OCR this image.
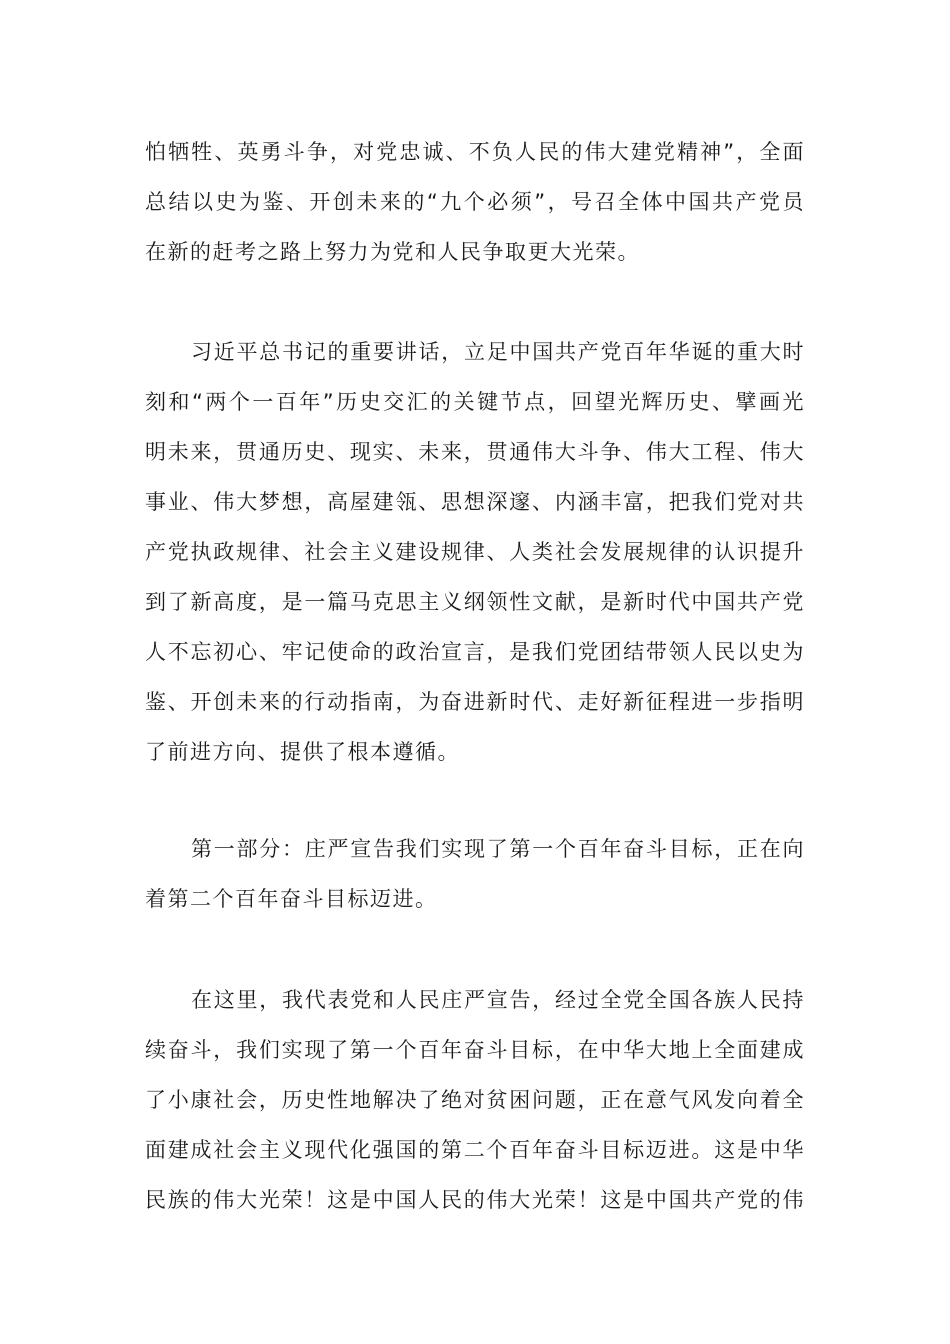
怕牺牲、英勇斗争，对党忠诚、不负人民的伟大建党精神”，全面
总结以史为鉴、开创未来的“九个必须”，号召全体中国共产党员
在新的赶考之路上努力为党和人民争取更大光荣。
习近平总书记的重要讲话，立足中国共产党百年华诞的重大时
刻和“两个一百年”历史交汇的关键节点，回望光辉历史、擘画光
明未来，贯通历史、现实、未来，贯通伟大斗争、伟大工程、伟大
事业、伟大梦想，高屋建瓴、思想深邃、内涵丰富，把我们党对共
产党执政规律、社会主义建设规律、人类社会发展规律的认识提升
到了新高度，是一篇马克思主义纲领性文献，是新时代中国共产党
人不忘初心、牢记使命的政治宣言，是我们党团结带领人民以史为
鉴、开创未来的行动指南，为奋进新时代、走好新征程进一步指明
了前进方向、提供了根本遵循。
第一部分：庄严宣告我们实现了第一个百年奋斗目标，正在向
着第二个百年奋斗目标迈进。
在这里，我代表党和人民庄严宣告，经过全党全国各族人民持
续奋斗，我们实现了第一个百年奋斗目标，在中华大地上全面建成
了小康社会，历史性地解决了绝对贫困问题，正在意气风发向着全
面建成社会主义现代化强国的第二个百年奋斗目标迈进。这是中华
民族的伟大光荣！这是中国人民的伟大光荣！这是中国共产党的伟
